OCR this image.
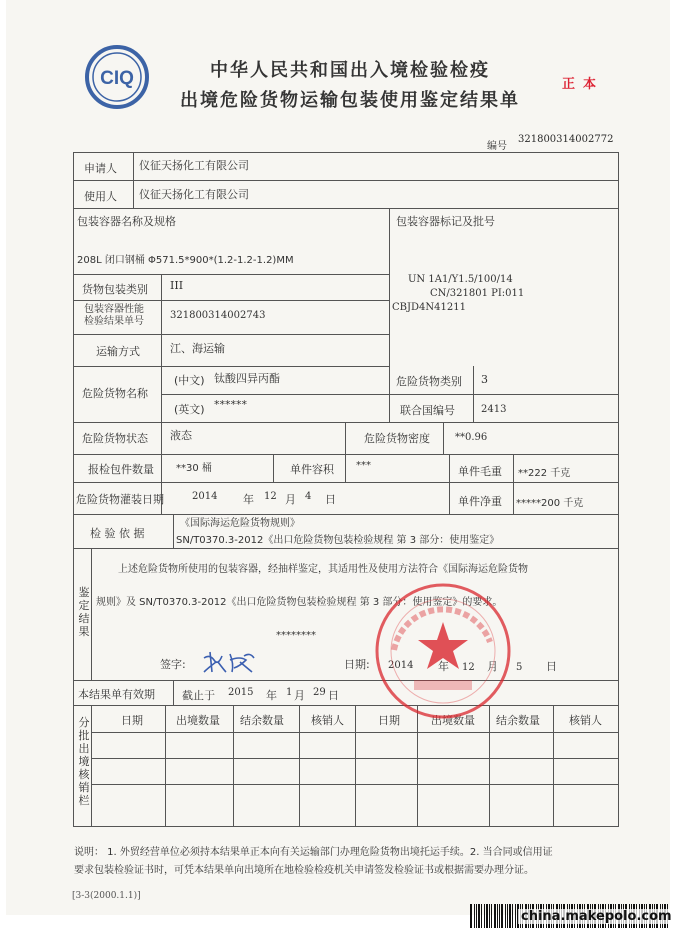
CIQ	中华人民共和国出入境检验检疫
出境危险货物运输包装使用鉴定结果单
正本
编号
321800314002772
申请人 仪征天扬化工有限公司
使用人 仪征天扬化工有限公司
包装容器名称及规格
208L 闭口钢桶 Φ571.5*900*(1.2-1.2-1.2)MM
包装容器标记及批号
UN 1A1/Y1.5/100/14
CN/321801 PI:011
CBJD4N41211
货物包装类别 III
包装容器性能
检验结果单号
321800314002743
运输方式	江、海运输
危险货物名称
(中文) 钛酸四异丙酯
(英文) ******
危险货物类别 3
联合国编号	2413
危险货物状态 液态	危险货物密度	**0.96
报检包件数量 **30 桶	单件容积 ***	单件毛重 **222 千克
危险货物灌装日期	2014 年 12 月 4 日	单件净重 *****200 千克
检 验 依 据
《国际海运危险货物规则》
SN/T0370.3-2012《出口危险货物包装检验规程 第 3 部分：使用鉴定》
鉴定结果
上述危险货物所使用的包装容器，经抽样鉴定，其适用性及使用方法符合《国际海运危险货物
规则》及 SN/T0370.3-2012《出口危险货物包装检验规程 第 3 部分：使用鉴定》的要求。
********
签字:	日期: 2014 年 12 月 5 日
本结果单有效期 截止于 2015 年 1 月 29 日
分批出境核销栏
日期	出境数量 结余数量 核销人	日期	出境数量 结余数量	核销人
说明： 1. 外贸经营单位必须持本结果单正本向有关运输部门办理危险货物出境托运手续。2. 当合同或信用证
要求包装检验证书时，可凭本结果单向出境所在地检验检疫机关申请签发检验证书或根据需要办理分证。
[3-3(2000.1.1)]
china.makepolo.com
